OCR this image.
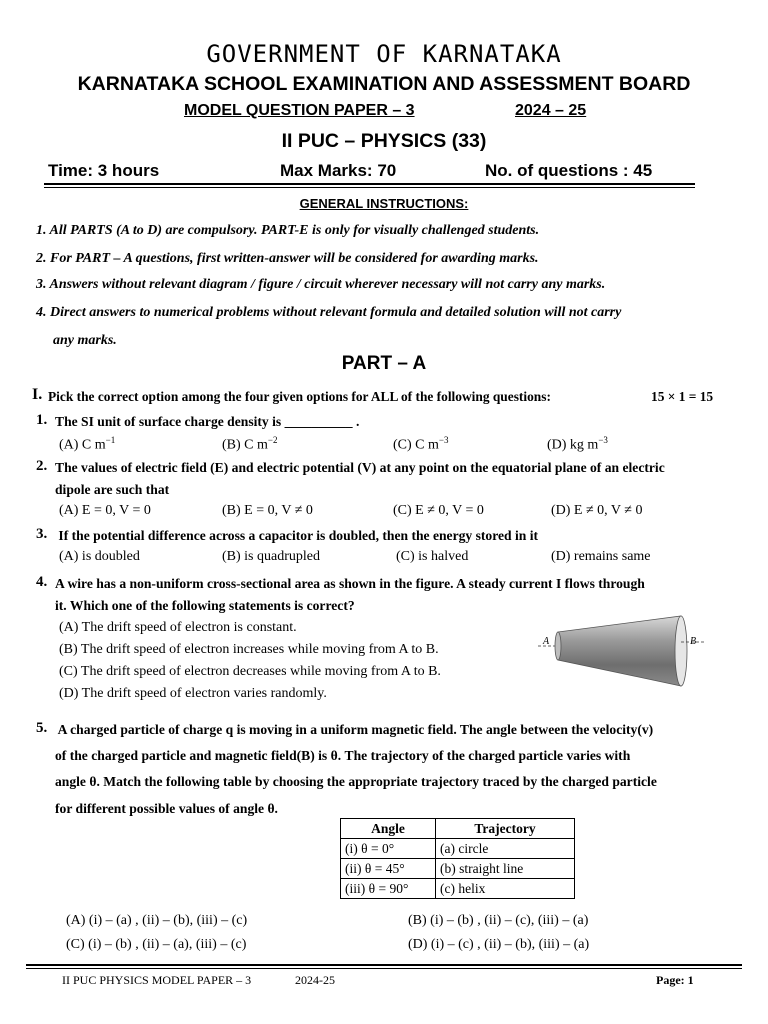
GOVERNMENT OF KARNATAKA
KARNATAKA SCHOOL EXAMINATION AND ASSESSMENT BOARD
MODEL QUESTION PAPER – 3	2024 – 25
II PUC – PHYSICS (33)
Time: 3 hours	Max Marks: 70	No. of questions : 45
GENERAL INSTRUCTIONS:
1. All PARTS (A to D) are compulsory. PART-E is only for visually challenged students.
2. For PART – A questions, first written-answer will be considered for awarding marks.
3. Answers without relevant diagram / figure / circuit wherever necessary will not carry any marks.
4. Direct answers to numerical problems without relevant formula and detailed solution will not carry
any marks.
PART – A
I. Pick the correct option among the four given options for ALL of the following questions:	15 × 1 = 15
1. The SI unit of surface charge density is __________ .
(A) C $m^{-1}$	(B) C $m^{-2}$	(C) C $m^{-3}$	(D) kg $m^{-3}$
2. The values of electric field (E) and electric potential (V) at any point on the equatorial plane of an electric
dipole are such that
(A) E = 0, V = 0	(B) E = 0, V ≠ 0	(C) E ≠ 0, V = 0	(D) E ≠ 0, V ≠ 0
3. If the potential difference across a capacitor is doubled, then the energy stored in it
(A) is doubled	(B) is quadrupled	(C) is halved	(D) remains same
4. A wire has a non-uniform cross-sectional area as shown in the figure. A steady current I flows through
it. Which one of the following statements is correct?
(A) The drift speed of electron is constant.
(B) The drift speed of electron increases while moving from A to B.
(C) The drift speed of electron decreases while moving from A to B.
(D) The drift speed of electron varies randomly.
A	B
5. A charged particle of charge q is moving in a uniform magnetic field. The angle between the velocity(v)
of the charged particle and magnetic field(B) is θ. The trajectory of the charged particle varies with
angle θ. Match the following table by choosing the appropriate trajectory traced by the charged particle
for different possible values of angle θ.
Angle	Trajectory
(i) θ = 0°	(a) circle
(ii) θ = 45°	(b) straight line
(iii) θ = 90°	(c) helix
(A) (i) – (a) , (ii) – (b), (iii) – (c)	(B) (i) – (b) , (ii) – (c), (iii) – (a)
(C) (i) – (b) , (ii) – (a), (iii) – (c)	(D) (i) – (c) , (ii) – (b), (iii) – (a)
II PUC PHYSICS MODEL PAPER – 3	2024-25	Page: 1
